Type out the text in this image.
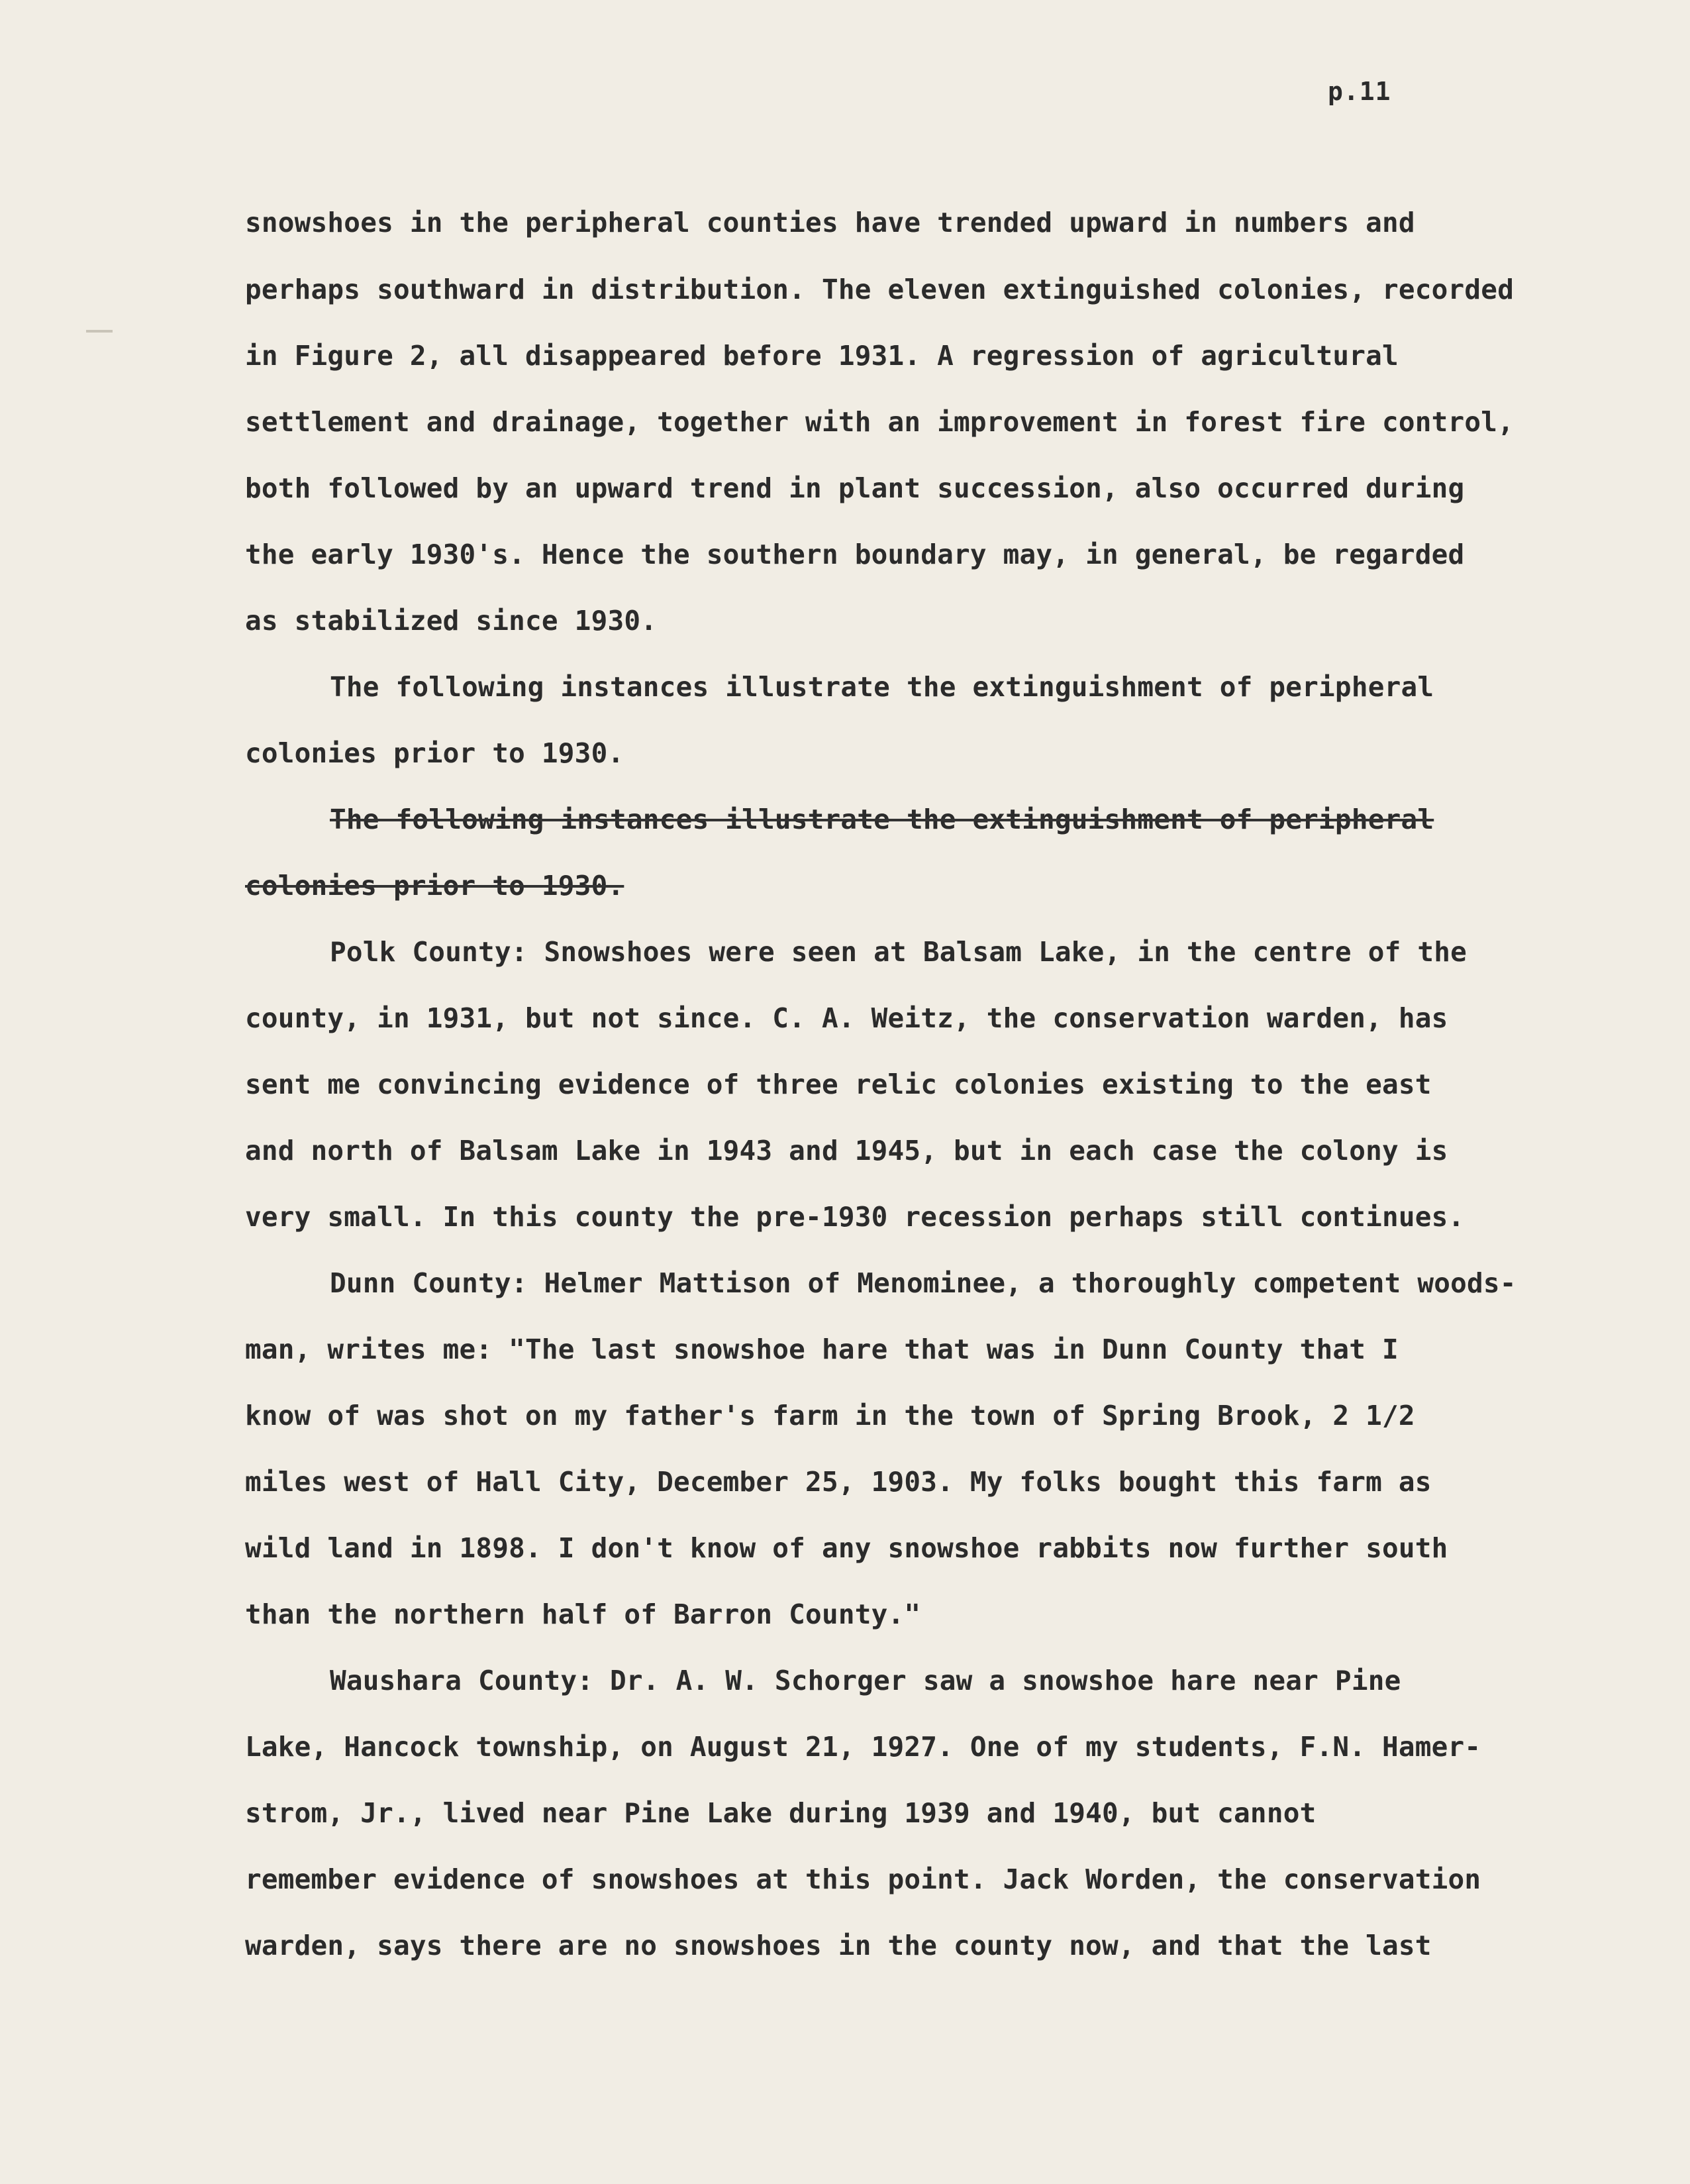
p.11
snowshoes in the peripheral counties have trended upward in numbers and
perhaps southward in distribution. The eleven extinguished colonies, recorded
in Figure 2, all disappeared before 1931. A regression of agricultural
settlement and drainage, together with an improvement in forest fire control,
both followed by an upward trend in plant succession, also occurred during
the early 1930's. Hence the southern boundary may, in general, be regarded
as stabilized since 1930.
The following instances illustrate the extinguishment of peripheral
colonies prior to 1930.
The following instances illustrate the extinguishment of peripheral
colonies prior to 1930.
Polk County: Snowshoes were seen at Balsam Lake, in the centre of the
county, in 1931, but not since. C. A. Weitz, the conservation warden, has
sent me convincing evidence of three relic colonies existing to the east
and north of Balsam Lake in 1943 and 1945, but in each case the colony is
very small. In this county the pre-1930 recession perhaps still continues.
Dunn County: Helmer Mattison of Menominee, a thoroughly competent woods-
man, writes me: "The last snowshoe hare that was in Dunn County that I
know of was shot on my father's farm in the town of Spring Brook, 2 1/2
miles west of Hall City, December 25, 1903. My folks bought this farm as
wild land in 1898. I don't know of any snowshoe rabbits now further south
than the northern half of Barron County."
Waushara County: Dr. A. W. Schorger saw a snowshoe hare near Pine
Lake, Hancock township, on August 21, 1927. One of my students, F.N. Hamer-
strom, Jr., lived near Pine Lake during 1939 and 1940, but cannot
remember evidence of snowshoes at this point. Jack Worden, the conservation
warden, says there are no snowshoes in the county now, and that the last
